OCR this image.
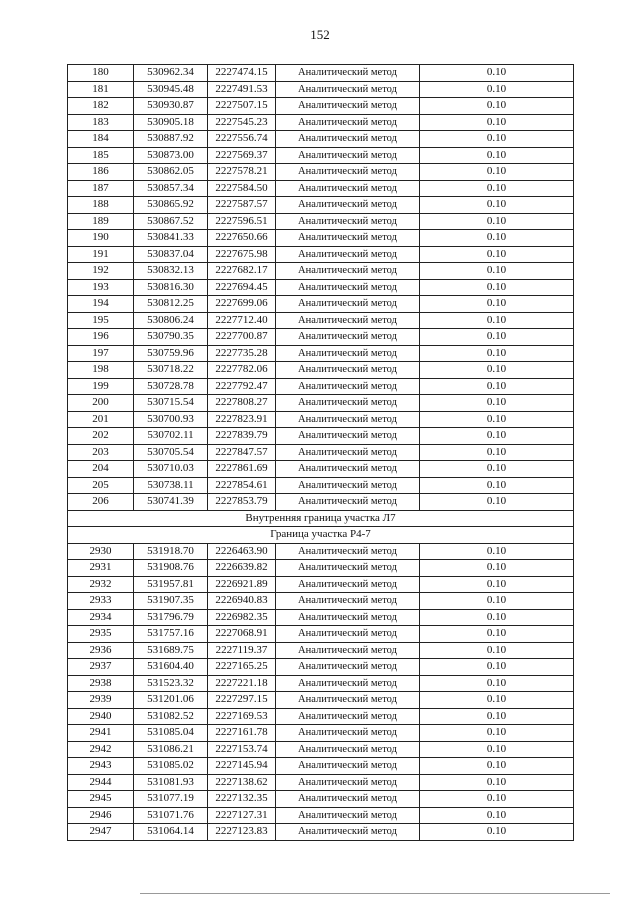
152
180	530962.34	2227474.15	Аналитический метод	0.10
181	530945.48	2227491.53	Аналитический метод	0.10
182	530930.87	2227507.15	Аналитический метод	0.10
183	530905.18	2227545.23	Аналитический метод	0.10
184	530887.92	2227556.74	Аналитический метод	0.10
185	530873.00	2227569.37	Аналитический метод	0.10
186	530862.05	2227578.21	Аналитический метод	0.10
187	530857.34	2227584.50	Аналитический метод	0.10
188	530865.92	2227587.57	Аналитический метод	0.10
189	530867.52	2227596.51	Аналитический метод	0.10
190	530841.33	2227650.66	Аналитический метод	0.10
191	530837.04	2227675.98	Аналитический метод	0.10
192	530832.13	2227682.17	Аналитический метод	0.10
193	530816.30	2227694.45	Аналитический метод	0.10
194	530812.25	2227699.06	Аналитический метод	0.10
195	530806.24	2227712.40	Аналитический метод	0.10
196	530790.35	2227700.87	Аналитический метод	0.10
197	530759.96	2227735.28	Аналитический метод	0.10
198	530718.22	2227782.06	Аналитический метод	0.10
199	530728.78	2227792.47	Аналитический метод	0.10
200	530715.54	2227808.27	Аналитический метод	0.10
201	530700.93	2227823.91	Аналитический метод	0.10
202	530702.11	2227839.79	Аналитический метод	0.10
203	530705.54	2227847.57	Аналитический метод	0.10
204	530710.03	2227861.69	Аналитический метод	0.10
205	530738.11	2227854.61	Аналитический метод	0.10
206	530741.39	2227853.79	Аналитический метод	0.10
Внутренняя граница участка Л7				
Граница участка Р4-7				
2930	531918.70	2226463.90	Аналитический метод	0.10
2931	531908.76	2226639.82	Аналитический метод	0.10
2932	531957.81	2226921.89	Аналитический метод	0.10
2933	531907.35	2226940.83	Аналитический метод	0.10
2934	531796.79	2226982.35	Аналитический метод	0.10
2935	531757.16	2227068.91	Аналитический метод	0.10
2936	531689.75	2227119.37	Аналитический метод	0.10
2937	531604.40	2227165.25	Аналитический метод	0.10
2938	531523.32	2227221.18	Аналитический метод	0.10
2939	531201.06	2227297.15	Аналитический метод	0.10
2940	531082.52	2227169.53	Аналитический метод	0.10
2941	531085.04	2227161.78	Аналитический метод	0.10
2942	531086.21	2227153.74	Аналитический метод	0.10
2943	531085.02	2227145.94	Аналитический метод	0.10
2944	531081.93	2227138.62	Аналитический метод	0.10
2945	531077.19	2227132.35	Аналитический метод	0.10
2946	531071.76	2227127.31	Аналитический метод	0.10
2947	531064.14	2227123.83	Аналитический метод	0.10
